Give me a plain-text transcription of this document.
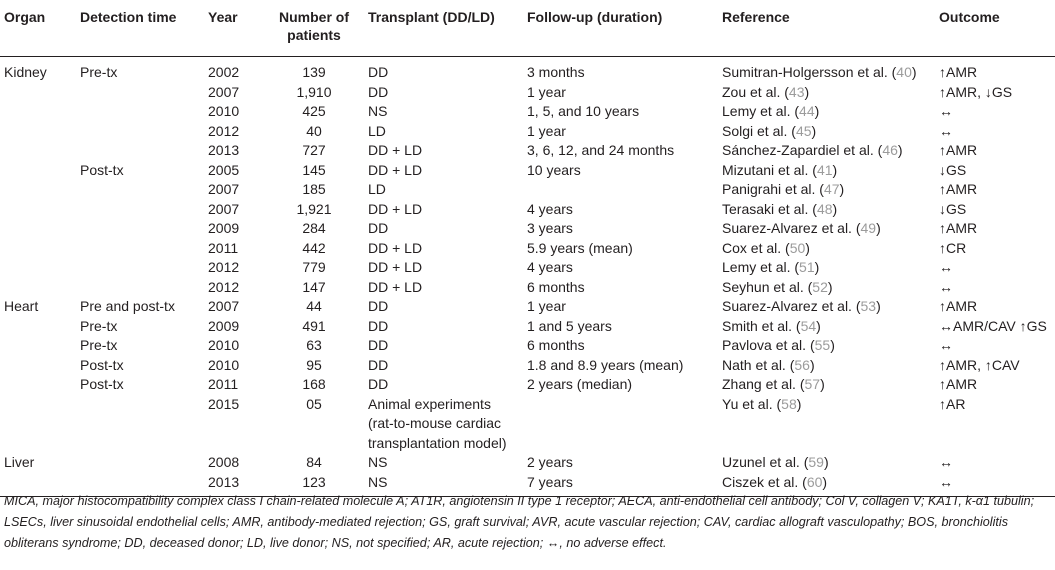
Organ	Detection time	Year	Number of patients	Transplant (DD/LD)	Follow-up (duration)	Reference	Outcome
Kidney	Pre-tx	2002	139	DD	3 months	Sumitran-Holgersson et al. (40)	↑AMR
		2007	1,910	DD	1 year	Zou et al. (43)	↑AMR, ↓GS
		2010	425	NS	1, 5, and 10 years	Lemy et al. (44)	↔
		2012	40	LD	1 year	Solgi et al. (45)	↔
		2013	727	DD + LD	3, 6, 12, and 24 months	Sánchez-Zapardiel et al. (46)	↑AMR
	Post-tx	2005	145	DD + LD	10 years	Mizutani et al. (41)	↓GS
		2007	185	LD		Panigrahi et al. (47)	↑AMR
		2007	1,921	DD + LD	4 years	Terasaki et al. (48)	↓GS
		2009	284	DD	3 years	Suarez-Alvarez et al. (49)	↑AMR
		2011	442	DD + LD	5.9 years (mean)	Cox et al. (50)	↑CR
		2012	779	DD + LD	4 years	Lemy et al. (51)	↔
		2012	147	DD + LD	6 months	Seyhun et al. (52)	↔
Heart	Pre and post-tx	2007	44	DD	1 year	Suarez-Alvarez et al. (53)	↑AMR
	Pre-tx	2009	491	DD	1 and 5 years	Smith et al. (54)	↔AMR/CAV ↑GS
	Pre-tx	2010	63	DD	6 months	Pavlova et al. (55)	↔
	Post-tx	2010	95	DD	1.8 and 8.9 years (mean)	Nath et al. (56)	↑AMR, ↑CAV
	Post-tx	2011	168	DD	2 years (median)	Zhang et al. (57)	↑AMR
		2015	05	Animal experiments (rat-to-mouse cardiac transplantation model)		Yu et al. (58)	↑AR
Liver		2008	84	NS	2 years	Uzunel et al. (59)	↔
		2013	123	NS	7 years	Ciszek et al. (60)	↔
MICA, major histocompatibility complex class I chain-related molecule A; AT1R, angiotensin II type 1 receptor; AECA, anti-endothelial cell antibody; Col V, collagen V; KA1T, k-α1 tubulin; LSECs, liver sinusoidal endothelial cells; AMR, antibody-mediated rejection; GS, graft survival; AVR, acute vascular rejection; CAV, cardiac allograft vasculopathy; BOS, bronchiolitis obliterans syndrome; DD, deceased donor; LD, live donor; NS, not specified; AR, acute rejection; ↔, no adverse effect.
